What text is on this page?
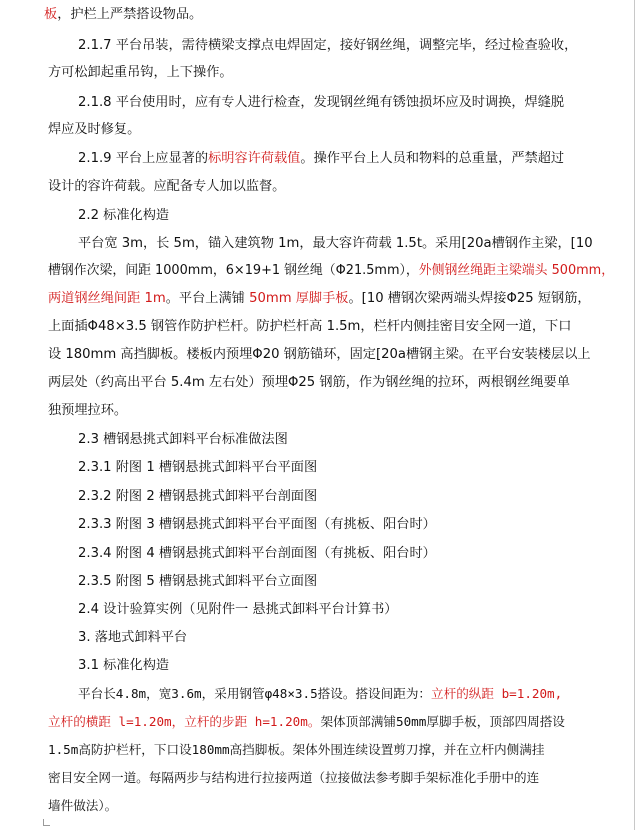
板，护栏上严禁搭设物品。
2.1.7 平台吊装，需待横梁支撑点电焊固定，接好钢丝绳，调整完毕，经过检查验收，
方可松卸起重吊钩，上下操作。
2.1.8 平台使用时，应有专人进行检查，发现钢丝绳有锈蚀损坏应及时调换，焊缝脱
焊应及时修复。
2.1.9 平台上应显著的标明容许荷载值。操作平台上人员和物料的总重量，严禁超过
设计的容许荷载。应配备专人加以监督。
2.2 标准化构造
平台宽 3m，长 5m，锚入建筑物 1m，最大容许荷载 1.5t。采用[20a槽钢作主梁，[10
槽钢作次梁，间距 1000mm，6×19+1 钢丝绳（Φ21.5mm），外侧钢丝绳距主梁端头 500mm，
两道钢丝绳间距 1m。平台上满铺 50mm 厚脚手板。[10 槽钢次梁两端头焊接Φ25 短钢筋，
上面插Φ48×3.5 钢管作防护栏杆。防护栏杆高 1.5m，栏杆内侧挂密目安全网一道，下口
设 180mm 高挡脚板。楼板内预埋Φ20 钢筋锚环，固定[20a槽钢主梁。在平台安装楼层以上
两层处（约高出平台 5.4m 左右处）预埋Φ25 钢筋，作为钢丝绳的拉环，两根钢丝绳要单
独预埋拉环。
2.3 槽钢悬挑式卸料平台标准做法图
2.3.1 附图 1 槽钢悬挑式卸料平台平面图
2.3.2 附图 2 槽钢悬挑式卸料平台剖面图
2.3.3 附图 3 槽钢悬挑式卸料平台平面图（有挑板、阳台时）
2.3.4 附图 4 槽钢悬挑式卸料平台剖面图（有挑板、阳台时）
2.3.5 附图 5 槽钢悬挑式卸料平台立面图
2.4 设计验算实例（见附件一 悬挑式卸料平台计算书）
3. 落地式卸料平台
3.1 标准化构造
平台长4.8m，宽3.6m，采用钢管φ48×3.5搭设。搭设间距为：立杆的纵距 b=1.20m,
立杆的横距 l=1.20m，立杆的步距 h=1.20m。架体顶部满铺50mm厚脚手板，顶部四周搭设
1.5m高防护栏杆，下口设180mm高挡脚板。架体外围连续设置剪刀撑，并在立杆内侧满挂
密目安全网一道。每隔两步与结构进行拉接两道（拉接做法参考脚手架标准化手册中的连
墙件做法）。
